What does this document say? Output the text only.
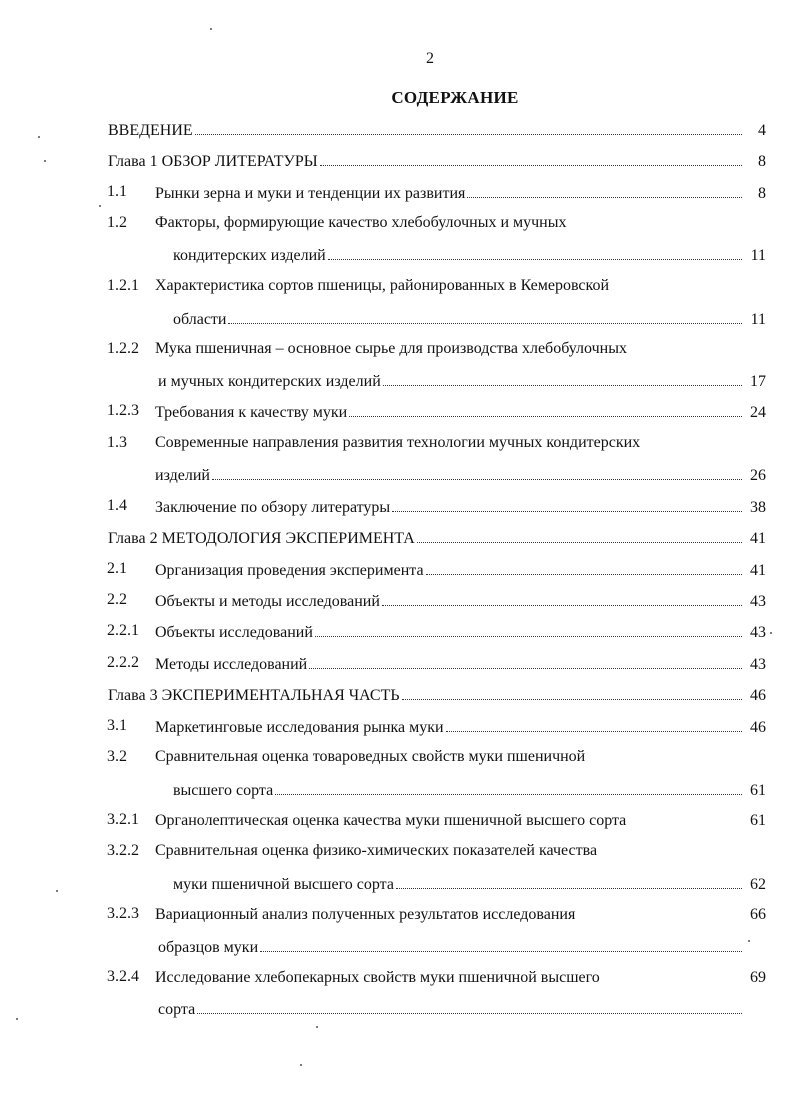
2
СОДЕРЖАНИЕ
ВВЕДЕНИЕ	4
Глава 1 ОБЗОР ЛИТЕРАТУРЫ	8
1.1 Рынки зерна и муки и тенденции их развития	8
1.2 Факторы, формирующие качество хлебобулочных и мучных
кондитерских изделий	11
1.2.1 Характеристика сортов пшеницы, районированных в Кемеровской
области	11
1.2.2 Мука пшеничная – основное сырье для производства хлебобулочных
и мучных кондитерских изделий	17
1.2.3 Требования к качеству муки	24
1.3 Современные направления развития технологии мучных кондитерских
изделий	26
1.4 Заключение по обзору литературы	38
Глава 2 МЕТОДОЛОГИЯ ЭКСПЕРИМЕНТА	41
2.1 Организация проведения эксперимента	41
2.2 Объекты и методы исследований	43
2.2.1 Объекты исследований	43
2.2.2 Методы исследований	43
Глава 3 ЭКСПЕРИМЕНТАЛЬНАЯ ЧАСТЬ	46
3.1 Маркетинговые исследования рынка муки	46
3.2 Сравнительная оценка товароведных свойств муки пшеничной
высшего сорта	61
3.2.1 Органолептическая оценка качества муки пшеничной высшего сорта	61
3.2.2 Сравнительная оценка физико-химических показателей качества
муки пшеничной высшего сорта	62
3.2.3 Вариационный анализ полученных результатов исследования	66
образцов муки
3.2.4 Исследование хлебопекарных свойств муки пшеничной высшего	69
сорта
